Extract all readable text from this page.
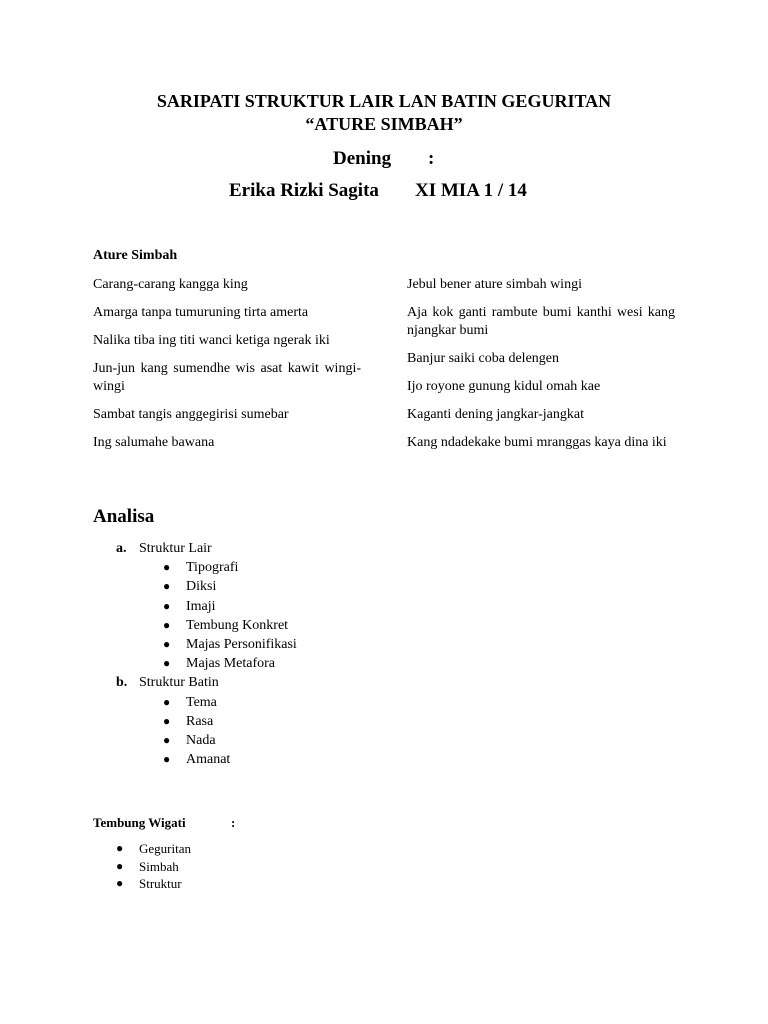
SARIPATI STRUKTUR LAIR LAN BATIN GEGURITAN
“ATURE SIMBAH”
Dening :
Erika Rizki Sagita XI MIA 1 / 14
Ature Simbah
Carang-carang kangga king
Amarga tanpa tumuruning tirta amerta
Nalika tiba ing titi wanci ketiga ngerak iki
Jun-jun kang sumendhe wis asat kawit wingi-wingi
Sambat tangis anggegirisi sumebar
Ing salumahe bawana
Jebul bener ature simbah wingi
Aja kok ganti rambute bumi kanthi wesi kang njangkar bumi
Banjur saiki coba delengen
Ijo royone gunung kidul omah kae
Kaganti dening jangkar-jangkat
Kang ndadekake bumi mranggas kaya dina iki
Analisa
a. Struktur Lair
●	Tipografi
●	Diksi
●	Imaji
●	Tembung Konkret
●	Majas Personifikasi
●	Majas Metafora
b. Struktur Batin
●	Tema
●	Rasa
●	Nada
●	Amanat
Tembung Wigati	:
●	Geguritan
●	Simbah
●	Struktur
